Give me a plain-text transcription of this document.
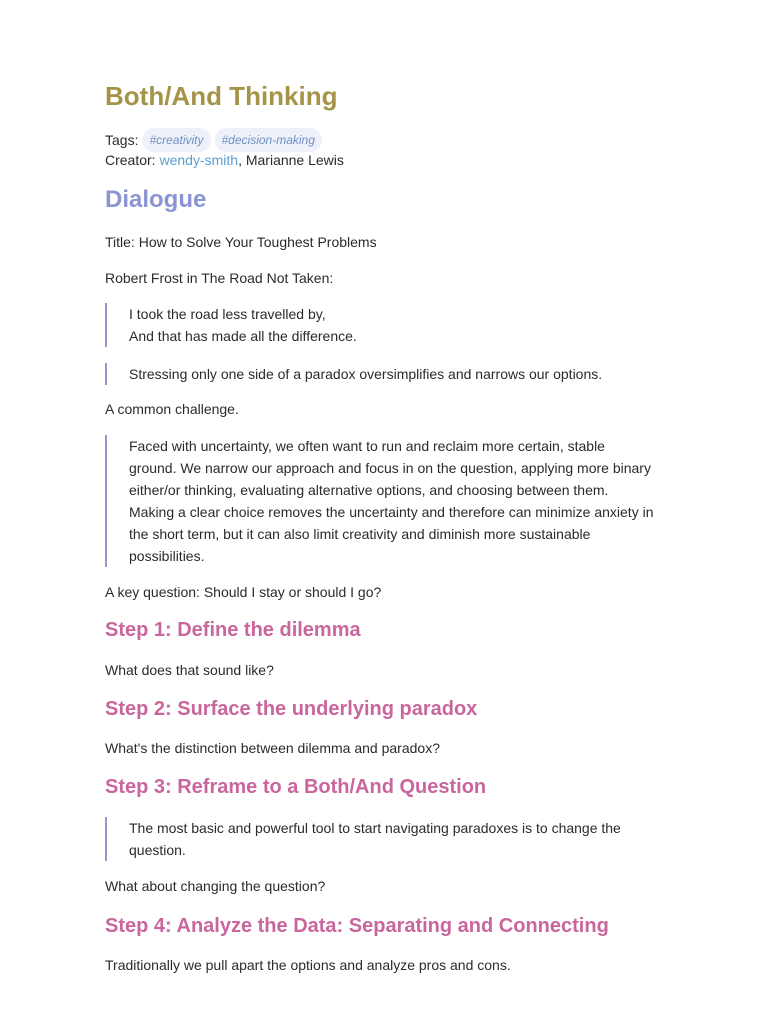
Both/And Thinking
Tags: #creativity	#decision-making
Creator: wendy-smith, Marianne Lewis
Dialogue

Title: How to Solve Your Toughest Problems

Robert Frost in The Road Not Taken:

I took the road less travelled by,
And that has made all the difference.
Stressing only one side of a paradox oversimplifies and narrows our options.

A common challenge.

Faced with uncertainty, we often want to run and reclaim more certain, stable
ground. We narrow our approach and focus in on the question, applying more binary
either/or thinking, evaluating alternative options, and choosing between them.
Making a clear choice removes the uncertainty and therefore can minimize anxiety in
the short term, but it can also limit creativity and diminish more sustainable
possibilities.

A key question: Should I stay or should I go?

Step 1: Define the dilemma

What does that sound like?

Step 2: Surface the underlying paradox

What's the distinction between dilemma and paradox?

Step 3: Reframe to a Both/And Question
The most basic and powerful tool to start navigating paradoxes is to change the
question.

What about changing the question?

Step 4: Analyze the Data: Separating and Connecting

Traditionally we pull apart the options and analyze pros and cons.
